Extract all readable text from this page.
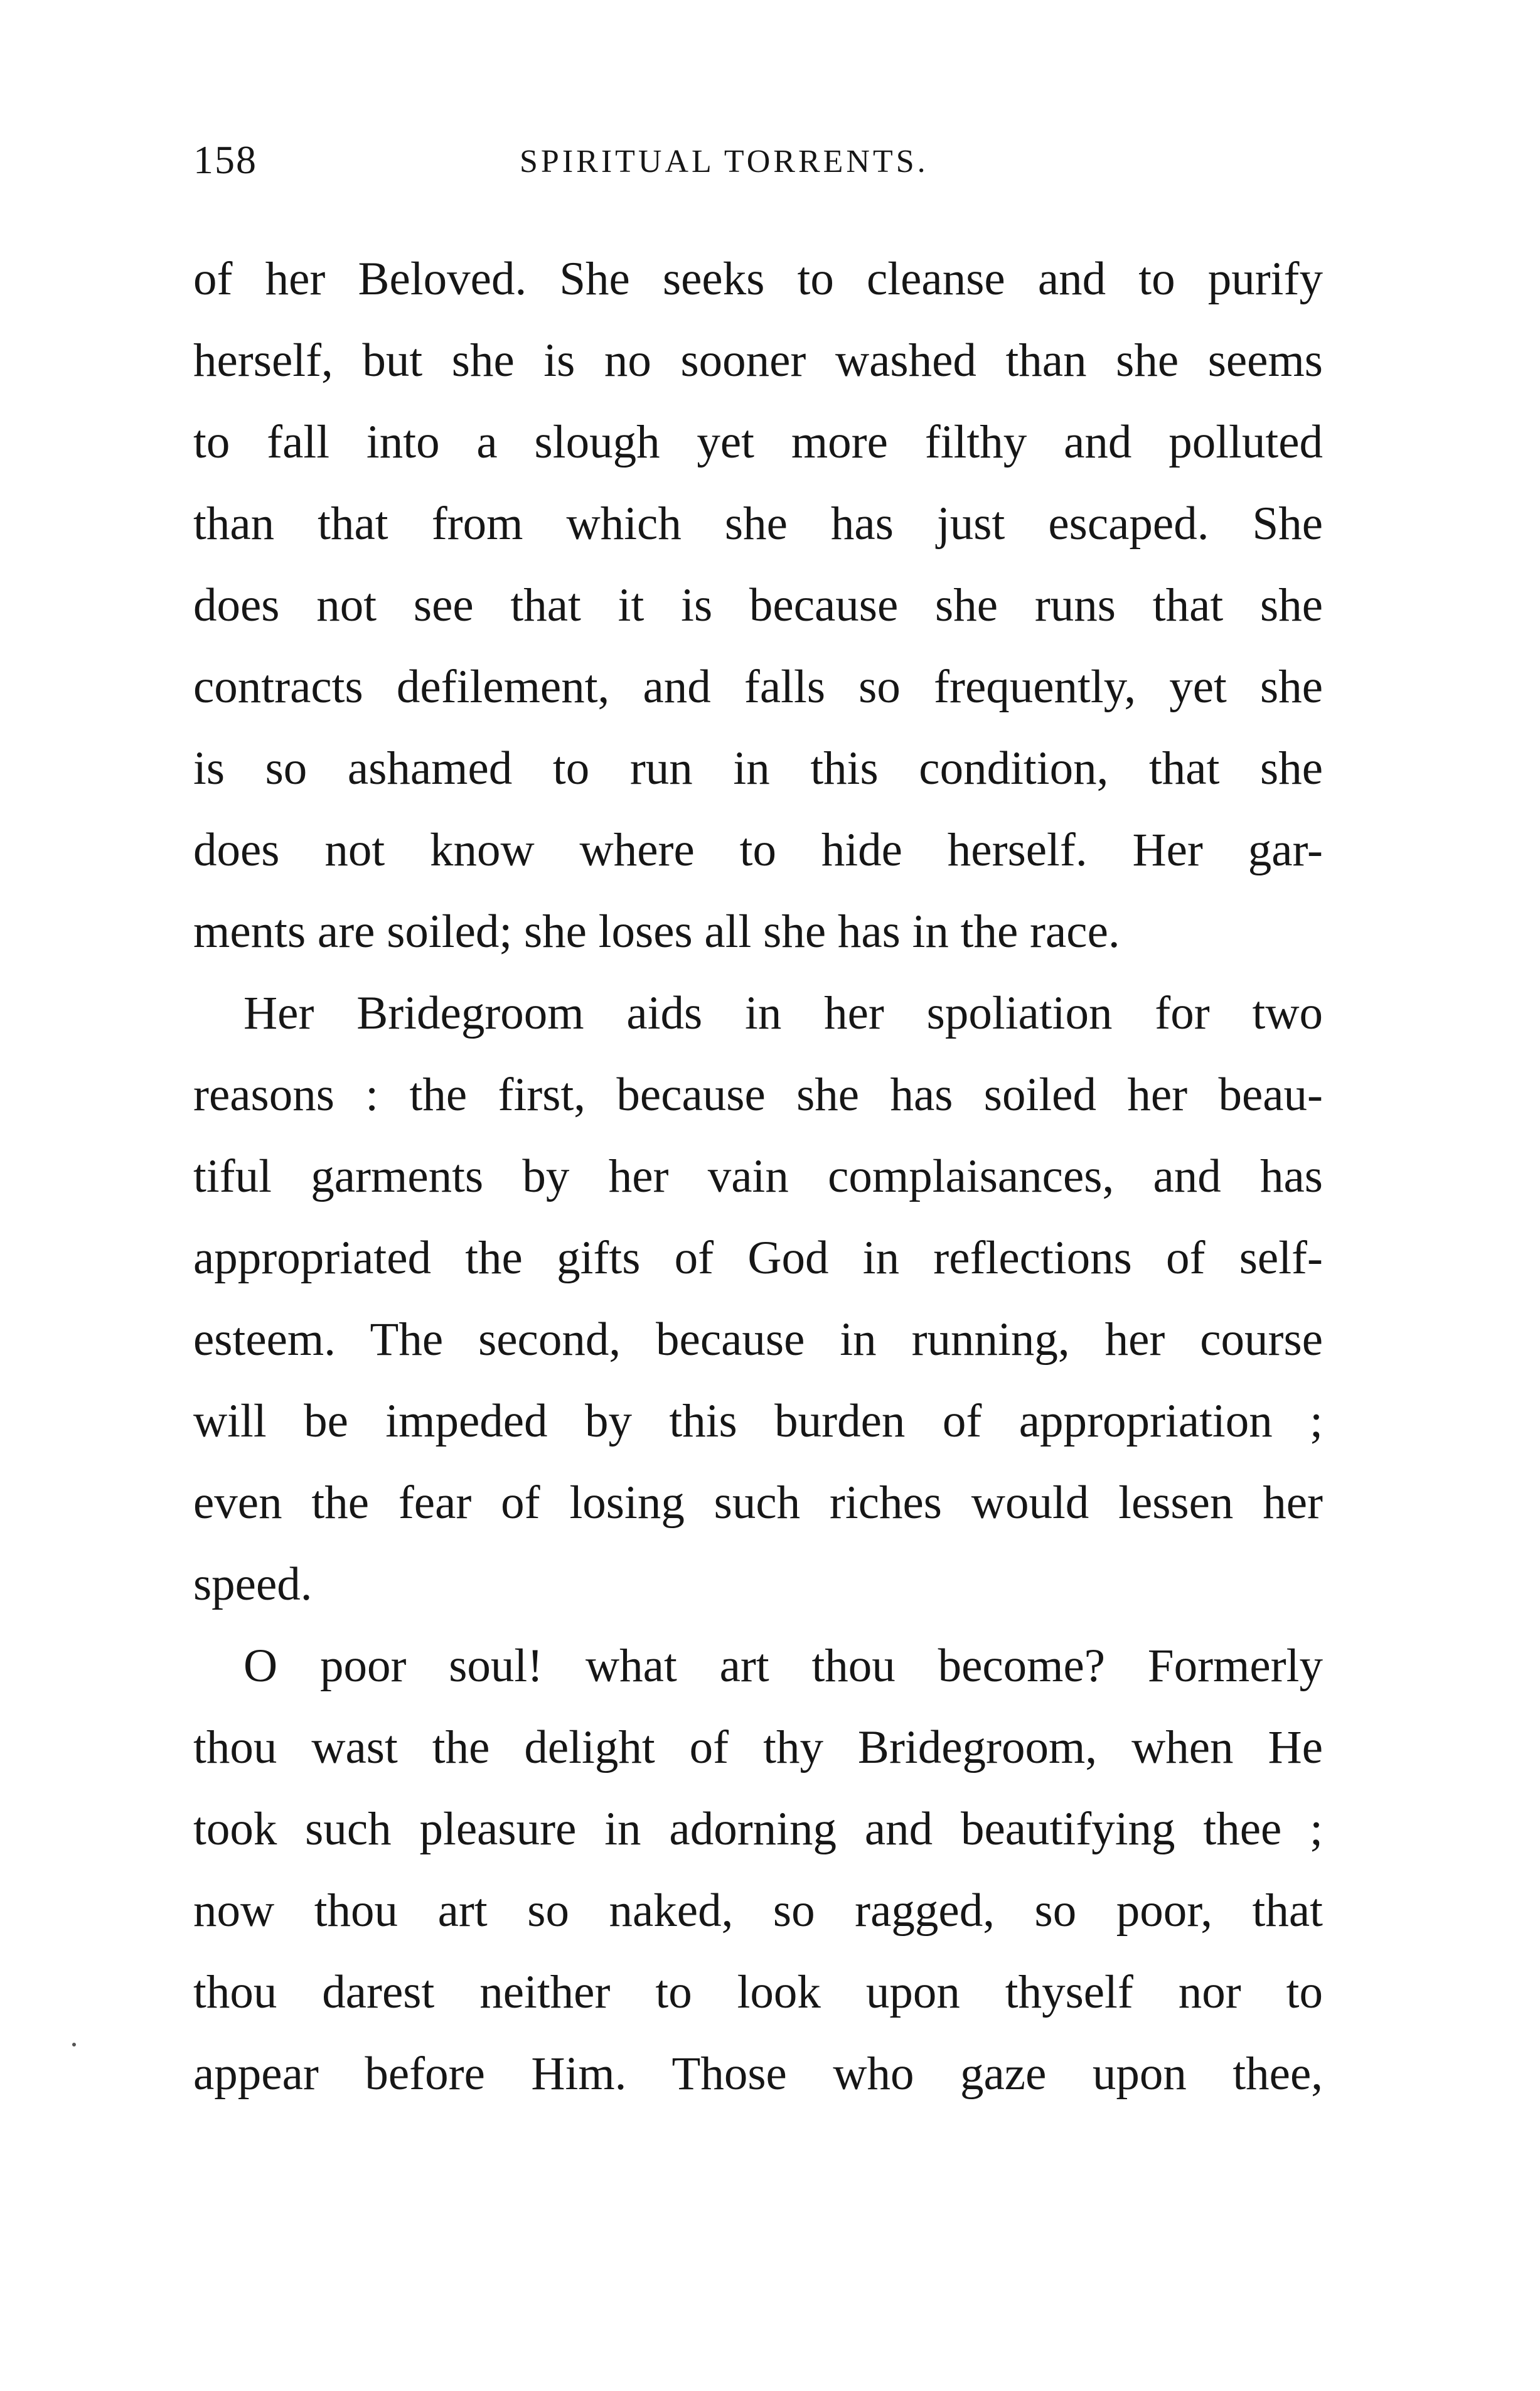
158	SPIRITUAL TORRENTS.
of her Beloved. She seeks to cleanse and to purify
herself, but she is no sooner washed than she seems
to fall into a slough yet more filthy and polluted
than that from which she has just escaped. She
does not see that it is because she runs that she
contracts defilement, and falls so frequently, yet she
is so ashamed to run in this condition, that she
does not know where to hide herself. Her gar-
ments are soiled; she loses all she has in the race.
Her Bridegroom aids in her spoliation for two
reasons : the first, because she has soiled her beau-
tiful garments by her vain complaisances, and has
appropriated the gifts of God in reflections of self-
esteem. The second, because in running, her course
will be impeded by this burden of appropriation ;
even the fear of losing such riches would lessen her
speed.
O poor soul! what art thou become? Formerly
thou wast the delight of thy Bridegroom, when He
took such pleasure in adorning and beautifying thee ;
now thou art so naked, so ragged, so poor, that
thou darest neither to look upon thyself nor to
appear before Him. Those who gaze upon thee,
